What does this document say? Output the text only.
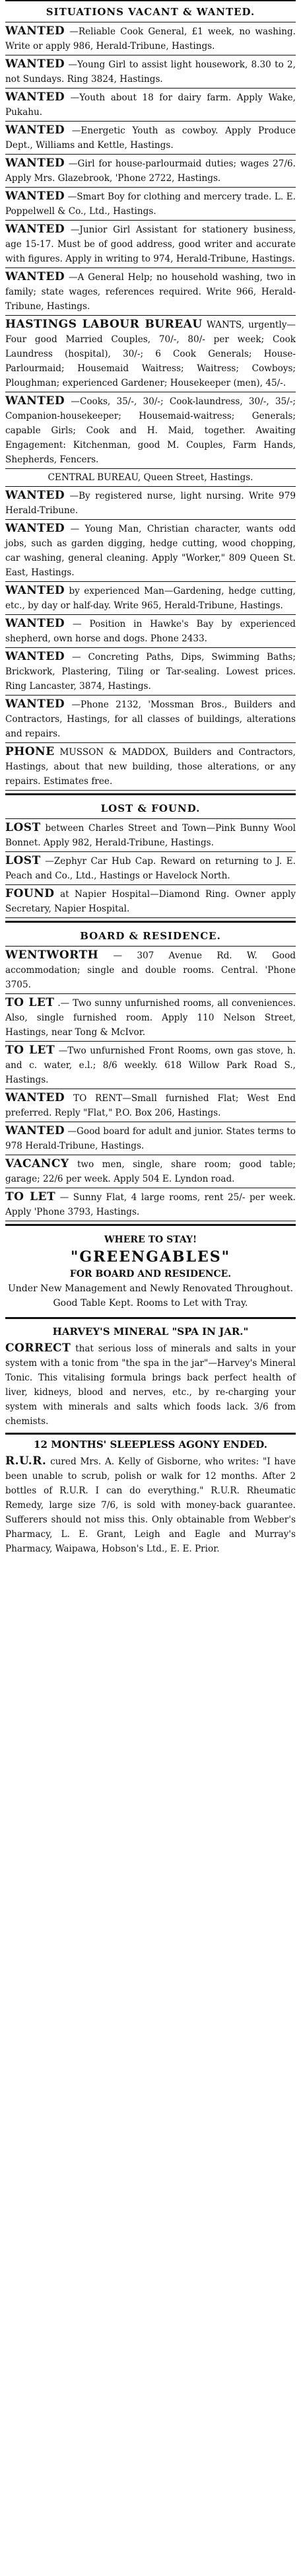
SITUATIONS VACANT & WANTED.
WANTED —Reliable Cook General, £1 week, no washing. Write or apply 986, Herald-Tribune, Hastings.
WANTED —Young Girl to assist light housework, 8.30 to 2, not Sundays. Ring 3824, Hastings.
WANTED —Youth about 18 for dairy farm. Apply Wake, Pukahu.
WANTED —Energetic Youth as cowboy. Apply Produce Dept., Williams and Kettle, Hastings.
WANTED —Girl for house-parlourmaid duties; wages 27/6. Apply Mrs. Glazebrook, 'Phone 2722, Hastings.
WANTED —Smart Boy for clothing and mercery trade. L. E. Poppelwell & Co., Ltd., Hastings.
WANTED —Junior Girl Assistant for stationery business, age 15-17. Must be of good address, good writer and accurate with figures. Apply in writing to 974, Herald-Tribune, Hastings.
WANTED —A General Help; no household washing, two in family; state wages, references required. Write 966, Herald-Tribune, Hastings.
HASTINGS LABOUR BUREAU WANTS, urgently—Four good Married Couples, 70/-, 80/- per week; Cook Laundress (hospital), 30/-; 6 Cook Generals; House-Parlourmaid; Housemaid Waitress; Waitress; Cowboys; Ploughman; experienced Gardener; Housekeeper (men), 45/-.
WANTED —Cooks, 35/-, 30/-; Cook-laundress, 30/-, 35/-; Companion-housekeeper; Housemaid-waitress; Generals; capable Girls; Cook and H. Maid, together. Awaiting Engagement: Kitchenman, good M. Couples, Farm Hands, Shepherds, Fencers.
CENTRAL BUREAU, Queen Street, Hastings.
WANTED —By registered nurse, light nursing. Write 979 Herald-Tribune.
WANTED — Young Man, Christian character, wants odd jobs, such as garden digging, hedge cutting, wood chopping, car washing, general cleaning. Apply "Worker," 809 Queen St. East, Hastings.
WANTED by experienced Man—Gardening, hedge cutting, etc., by day or half-day. Write 965, Herald-Tribune, Hastings.
WANTED — Position in Hawke's Bay by experienced shepherd, own horse and dogs. Phone 2433.
WANTED — Concreting Paths, Dips, Swimming Baths; Brickwork, Plastering, Tiling or Tar-sealing. Lowest prices. Ring Lancaster, 3874, Hastings.
WANTED —Phone 2132, 'Mossman Bros., Builders and Contractors, Hastings, for all classes of buildings, alterations and repairs.
PHONE MUSSON & MADDOX, Builders and Contractors, Hastings, about that new building, those alterations, or any repairs. Estimates free.
LOST & FOUND.
LOST between Charles Street and Town—Pink Bunny Wool Bonnet. Apply 982, Herald-Tribune, Hastings.
LOST —Zephyr Car Hub Cap. Reward on returning to J. E. Peach and Co., Ltd., Hastings or Havelock North.
FOUND at Napier Hospital—Diamond Ring. Owner apply Secretary, Napier Hospital.
BOARD & RESIDENCE.
WENTWORTH — 307 Avenue Rd. W. Good accommodation; single and double rooms. Central. 'Phone 3705.
TO LET .— Two sunny unfurnished rooms, all conveniences. Also, single furnished room. Apply 110 Nelson Street, Hastings, near Tong & McIvor.
TO LET —Two unfurnished Front Rooms, own gas stove, h. and c. water, e.l.; 8/6 weekly. 618 Willow Park Road S., Hastings.
WANTED TO RENT—Small furnished Flat; West End preferred. Reply "Flat," P.O. Box 206, Hastings.
WANTED —Good board for adult and junior. States terms to 978 Herald-Tribune, Hastings.
VACANCY two men, single, share room; good table; garage; 22/6 per week. Apply 504 E. Lyndon road.
TO LET — Sunny Flat, 4 large rooms, rent 25/- per week. Apply 'Phone 3793, Hastings.
WHERE TO STAY!
"GREENGABLES"
FOR BOARD AND RESIDENCE.
Under New Management and Newly Renovated Throughout.
Good Table Kept. Rooms to Let with Tray.
HARVEY'S MINERAL "SPA IN JAR."
CORRECT that serious loss of minerals and salts in your system with a tonic from "the spa in the jar"—Harvey's Mineral Tonic. This vitalising formula brings back perfect health of liver, kidneys, blood and nerves, etc., by re-charging your system with minerals and salts which foods lack. 3/6 from chemists.
12 MONTHS' SLEEPLESS AGONY ENDED.
R.U.R. cured Mrs. A. Kelly of Gisborne, who writes: "I have been unable to scrub, polish or walk for 12 months. After 2 bottles of R.U.R. I can do everything." R.U.R. Rheumatic Remedy, large size 7/6, is sold with money-back guarantee. Sufferers should not miss this. Only obtainable from Webber's Pharmacy, L. E. Grant, Leigh and Eagle and Murray's Pharmacy, Waipawa, Hobson's Ltd., E. E. Prior.
